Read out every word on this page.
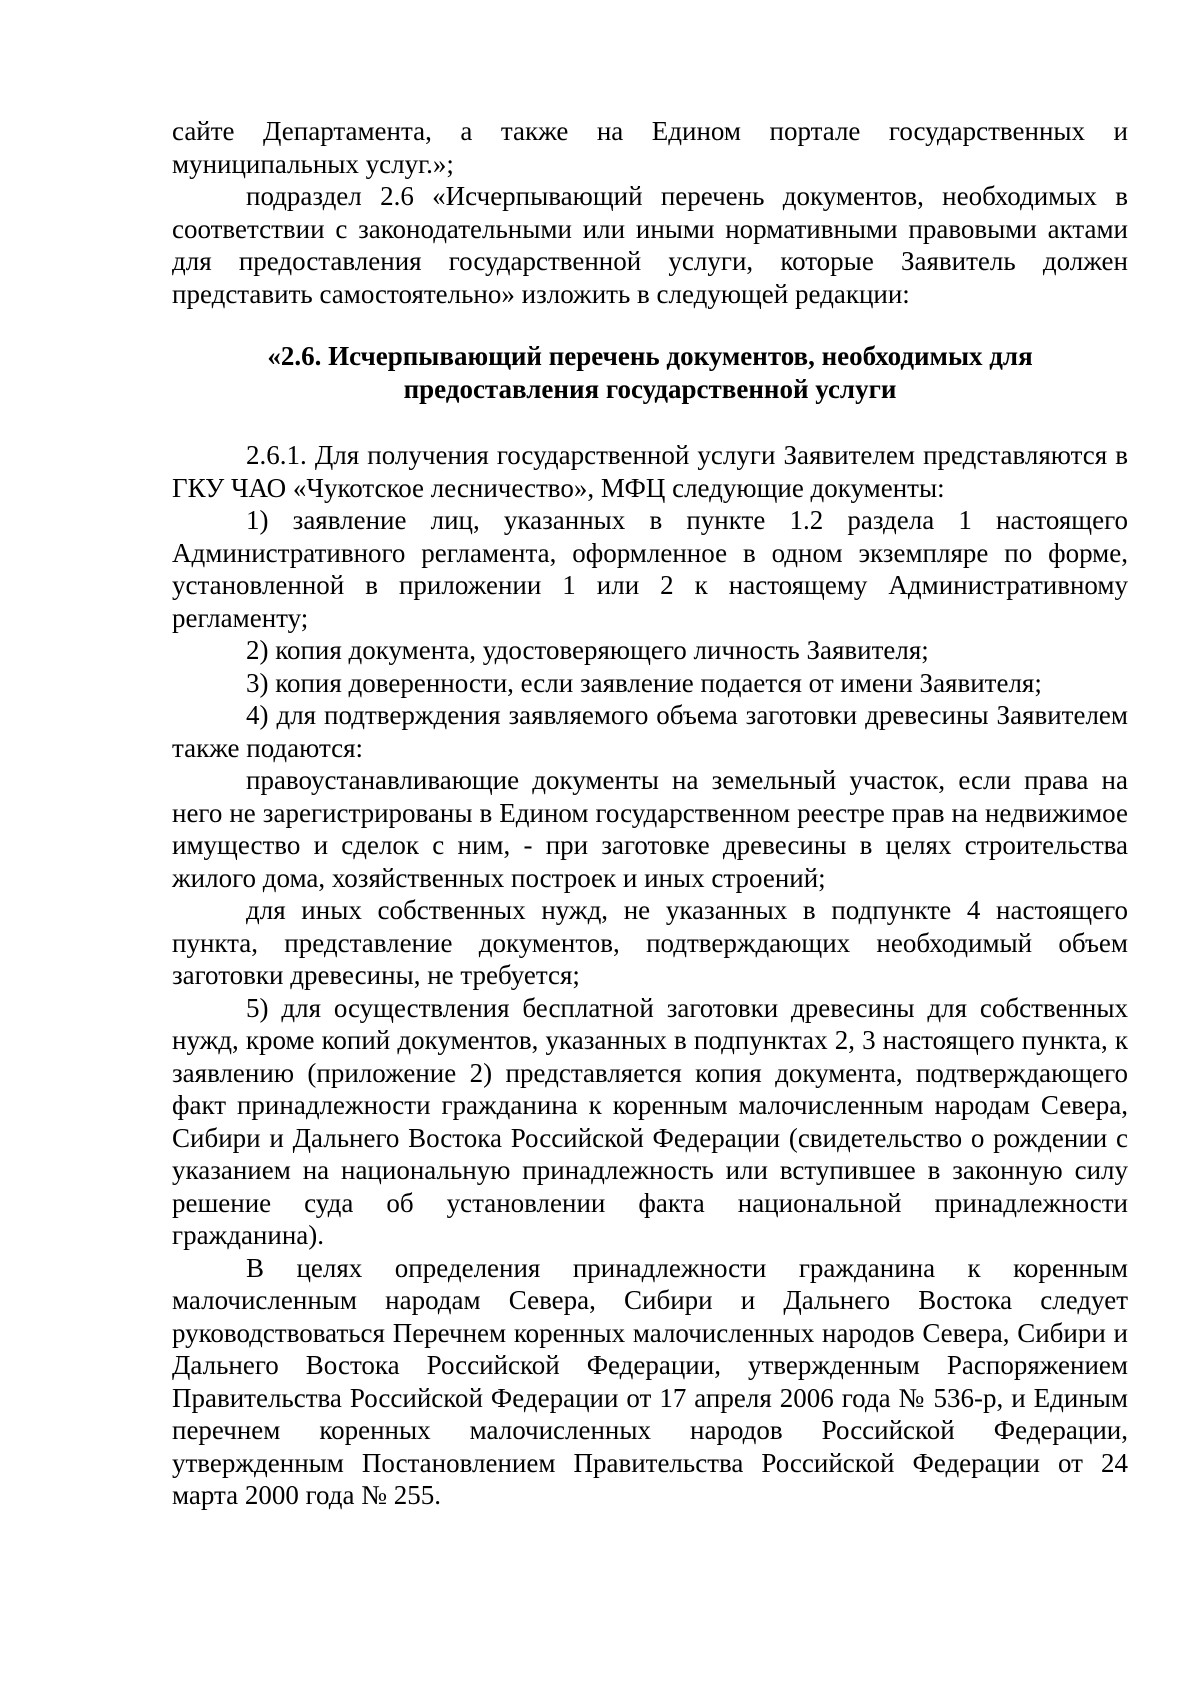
сайте Департамента, а также на Едином портале государственных и муниципальных услуг.»;

подраздел 2.6 «Исчерпывающий перечень документов, необходимых в соответствии с законодательными или иными нормативными правовыми актами для предоставления государственной услуги, которые Заявитель должен представить самостоятельно» изложить в следующей редакции:

«2.6. Исчерпывающий перечень документов, необходимых для
предоставления государственной услуги

2.6.1. Для получения государственной услуги Заявителем представляются в ГКУ ЧАО «Чукотское лесничество», МФЦ следующие документы:

1) заявление лиц, указанных в пункте 1.2 раздела 1 настоящего Административного регламента, оформленное в одном экземпляре по форме, установленной в приложении 1 или 2 к настоящему Административному регламенту;

2) копия документа, удостоверяющего личность Заявителя;

3) копия доверенности, если заявление подается от имени Заявителя;

4) для подтверждения заявляемого объема заготовки древесины Заявителем также подаются:

правоустанавливающие документы на земельный участок, если права на него не зарегистрированы в Едином государственном реестре прав на недвижимое имущество и сделок с ним, - при заготовке древесины в целях строительства жилого дома, хозяйственных построек и иных строений;

для иных собственных нужд, не указанных в подпункте 4 настоящего пункта, представление документов, подтверждающих необходимый объем заготовки древесины, не требуется;

5) для осуществления бесплатной заготовки древесины для собственных нужд, кроме копий документов, указанных в подпунктах 2, 3 настоящего пункта, к заявлению (приложение 2) представляется копия документа, подтверждающего факт принадлежности гражданина к коренным малочисленным народам Севера, Сибири и Дальнего Востока Российской Федерации (свидетельство о рождении с указанием на национальную принадлежность или вступившее в законную силу решение суда об установлении факта национальной принадлежности гражданина).

В целях определения принадлежности гражданина к коренным малочисленным народам Севера, Сибири и Дальнего Востока следует руководствоваться Перечнем коренных малочисленных народов Севера, Сибири и Дальнего Востока Российской Федерации, утвержденным Распоряжением Правительства Российской Федерации от 17 апреля 2006 года № 536-р, и Единым перечнем коренных малочисленных народов Российской Федерации, утвержденным Постановлением Правительства Российской Федерации от 24 марта 2000 года № 255.
